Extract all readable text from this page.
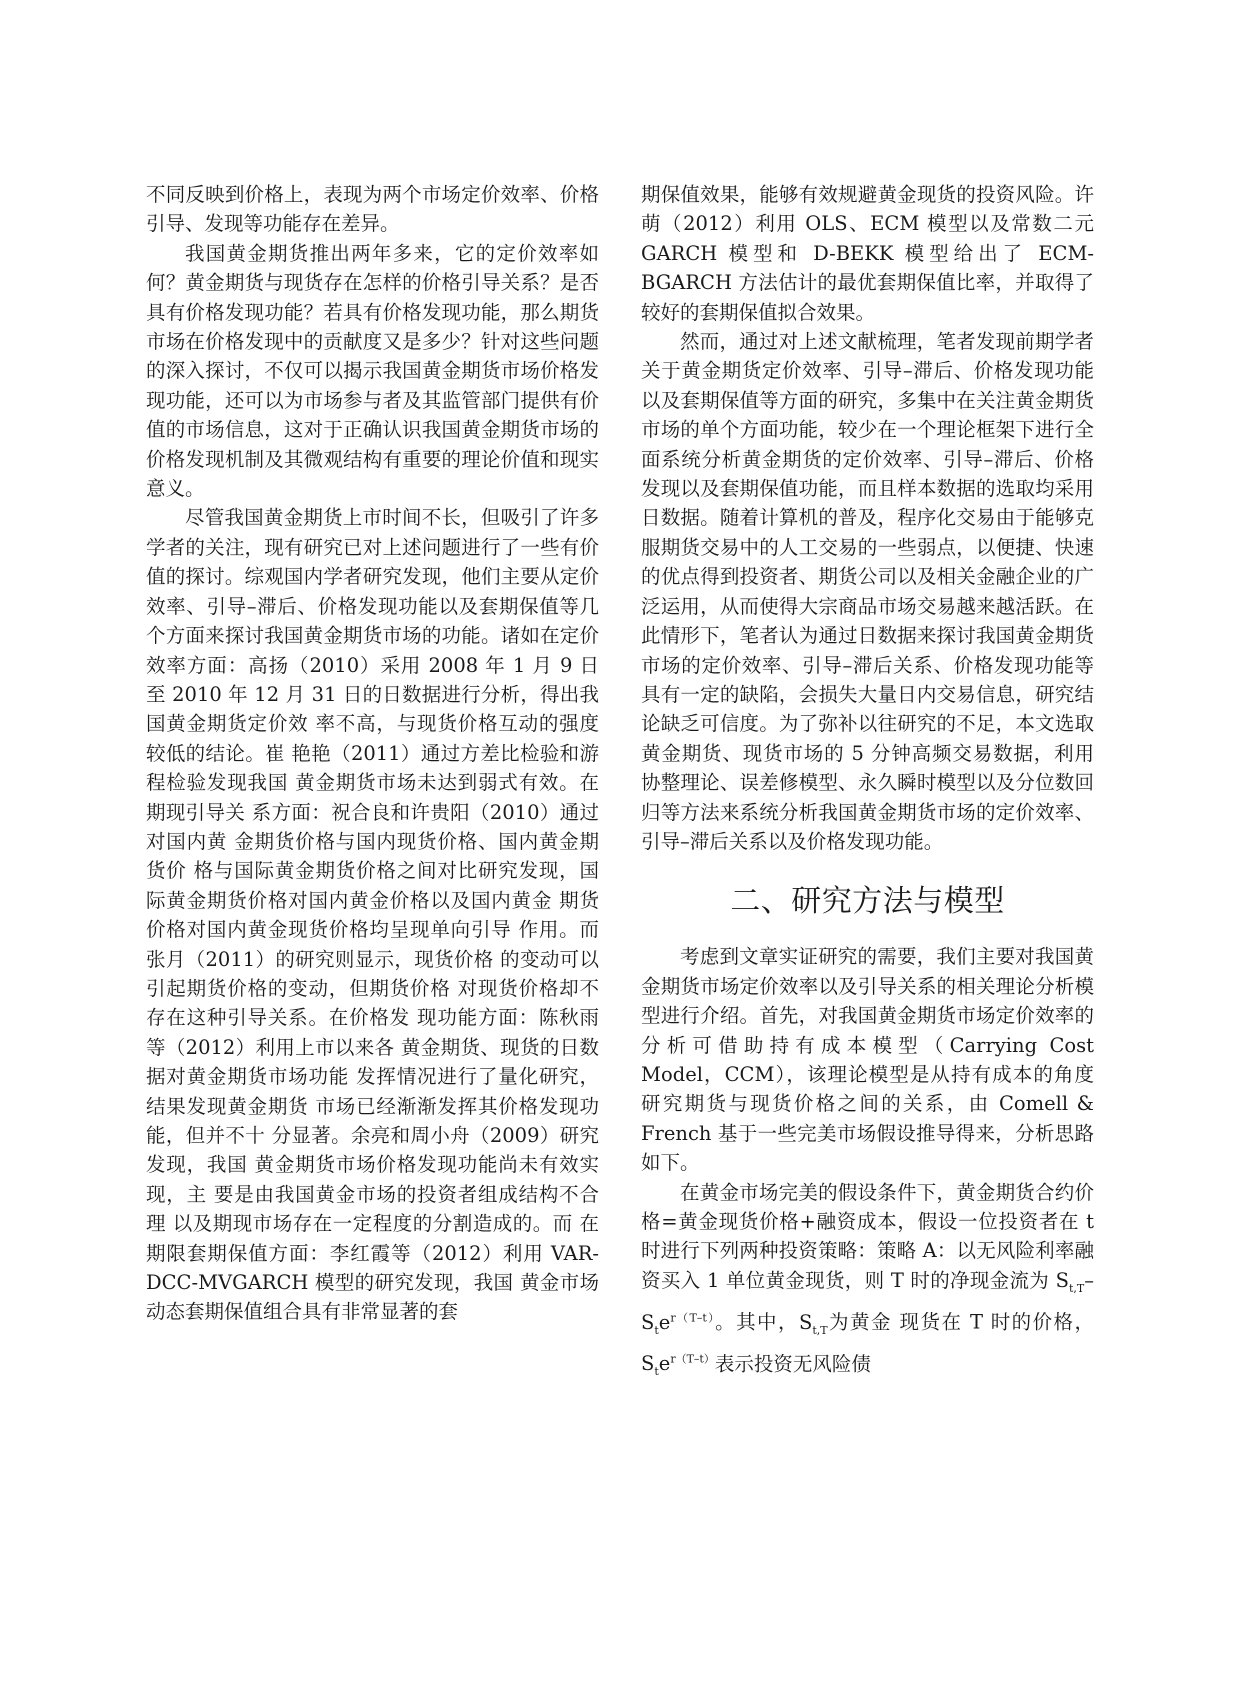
不同反映到价格上，表现为两个市场定价效率、价格引导、发现等功能存在差异。

我国黄金期货推出两年多来，它的定价效率如何？黄金期货与现货存在怎样的价格引导关系？是否具有价格发现功能？若具有价格发现功能，那么期货市场在价格发现中的贡献度又是多少？针对这些问题的深入探讨，不仅可以揭示我国黄金期货市场价格发现功能，还可以为市场参与者及其监管部门提供有价值的市场信息，这对于正确认识我国黄金期货市场的价格发现机制及其微观结构有重要的理论价值和现实意义。

尽管我国黄金期货上市时间不长，但吸引了许多学者的关注，现有研究已对上述问题进行了一些有价值的探讨。综观国内学者研究发现，他们主要从定价效率、引导–滞后、价格发现功能以及套期保值等几个方面来探讨我国黄金期货市场的功能。诸如在定价效率方面：高扬（2010）采用 2008 年 1 月 9 日至 2010 年 12 月 31 日的日数据进行分析，得出我国黄金期货定价效 率不高，与现货价格互动的强度较低的结论。崔 艳艳（2011）通过方差比检验和游程检验发现我国 黄金期货市场未达到弱式有效。在期现引导关 系方面：祝合良和许贵阳（2010）通过对国内黄 金期货价格与国内现货价格、国内黄金期货价 格与国际黄金期货价格之间对比研究发现，国 际黄金期货价格对国内黄金价格以及国内黄金 期货价格对国内黄金现货价格均呈现单向引导 作用。而张月（2011）的研究则显示，现货价格 的变动可以引起期货价格的变动，但期货价格 对现货价格却不存在这种引导关系。在价格发 现功能方面：陈秋雨等（2012）利用上市以来各 黄金期货、现货的日数据对黄金期货市场功能 发挥情况进行了量化研究，结果发现黄金期货 市场已经渐渐发挥其价格发现功能，但并不十 分显著。余亮和周小舟（2009）研究发现，我国 黄金期货市场价格发现功能尚未有效实现，主 要是由我国黄金市场的投资者组成结构不合理 以及期现市场存在一定程度的分割造成的。而 在期限套期保值方面：李红霞等（2012）利用 VAR-DCC-MVGARCH 模型的研究发现，我国 黄金市场动态套期保值组合具有非常显著的套

期保值效果，能够有效规避黄金现货的投资风险。许萌（2012）利用 OLS、ECM 模型以及常数二元 GARCH 模型和 D-BEKK 模型给出了 ECM-BGARCH 方法估计的最优套期保值比率，并取得了较好的套期保值拟合效果。

然而，通过对上述文献梳理，笔者发现前期学者关于黄金期货定价效率、引导–滞后、价格发现功能以及套期保值等方面的研究，多集中在关注黄金期货市场的单个方面功能，较少在一个理论框架下进行全面系统分析黄金期货的定价效率、引导–滞后、价格发现以及套期保值功能，而且样本数据的选取均采用日数据。随着计算机的普及，程序化交易由于能够克服期货交易中的人工交易的一些弱点，以便捷、快速的优点得到投资者、期货公司以及相关金融企业的广泛运用，从而使得大宗商品市场交易越来越活跃。在此情形下，笔者认为通过日数据来探讨我国黄金期货市场的定价效率、引导–滞后关系、价格发现功能等具有一定的缺陷，会损失大量日内交易信息，研究结论缺乏可信度。为了弥补以往研究的不足，本文选取黄金期货、现货市场的 5 分钟高频交易数据，利用协整理论、误差修模型、永久瞬时模型以及分位数回归等方法来系统分析我国黄金期货市场的定价效率、引导–滞后关系以及价格发现功能。

二、研究方法与模型

考虑到文章实证研究的需要，我们主要对我国黄金期货市场定价效率以及引导关系的相关理论分析模型进行介绍。首先，对我国黄金期货市场定价效率的分析可借助持有成本模型（Carrying Cost Model，CCM），该理论模型是从持有成本的角度研究期货与现货价格之间的关系，由 Comell & French 基于一些完美市场假设推导得来，分析思路如下。

在黄金市场完美的假设条件下，黄金期货合约价格=黄金现货价格+融资成本，假设一位投资者在 t 时进行下列两种投资策略：策略 A：以无风险利率融资买入 1 单位黄金现货，则 T 时的净现金流为 $S_{t,T}-S_te^{r(T-t)}$。其中，$S_{t,T}$为黄金 现货在 T 时的价格，$S_te^{r(T-t)}$表示投资无风险债
